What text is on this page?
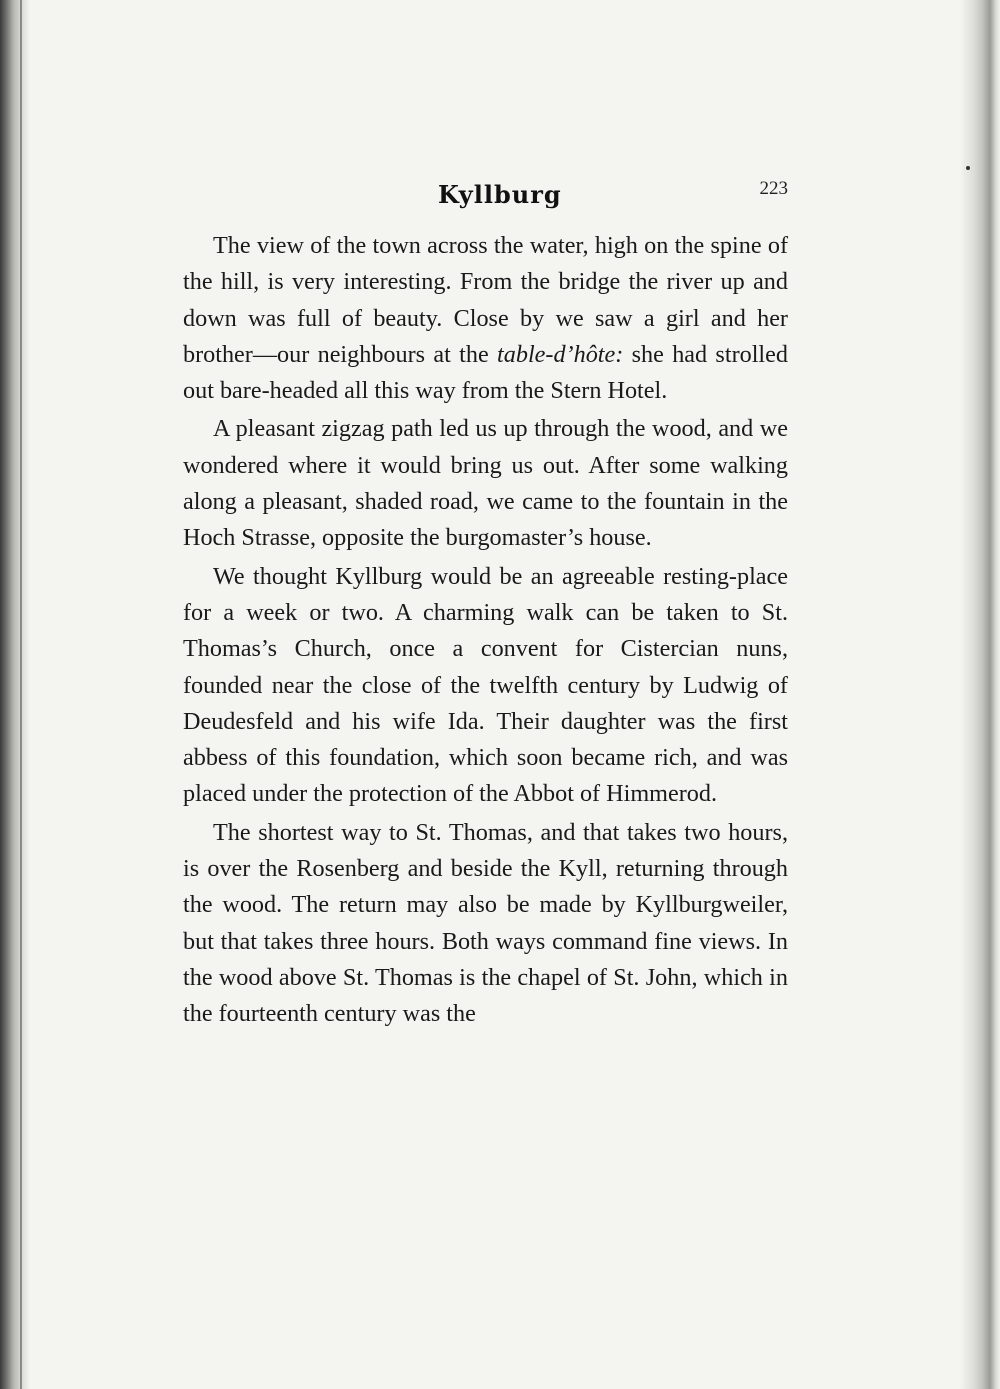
Kyllburg	223

The view of the town across the water, high on the spine of the hill, is very interesting. From the bridge the river up and down was full of beauty. Close by we saw a girl and her brother—our neighbours at the table-d’hôte: she had strolled out bare-headed all this way from the Stern Hotel.

A pleasant zigzag path led us up through the wood, and we wondered where it would bring us out. After some walking along a pleasant, shaded road, we came to the fountain in the Hoch Strasse, opposite the burgomaster’s house.

We thought Kyllburg would be an agreeable resting-place for a week or two. A charming walk can be taken to St. Thomas’s Church, once a convent for Cistercian nuns, founded near the close of the twelfth century by Ludwig of Deudesfeld and his wife Ida. Their daughter was the first abbess of this foundation, which soon became rich, and was placed under the protection of the Abbot of Himmerod.

The shortest way to St. Thomas, and that takes two hours, is over the Rosenberg and beside the Kyll, returning through the wood. The return may also be made by Kyllburgweiler, but that takes three hours. Both ways command fine views. In the wood above St. Thomas is the chapel of St. John, which in the fourteenth century was the
